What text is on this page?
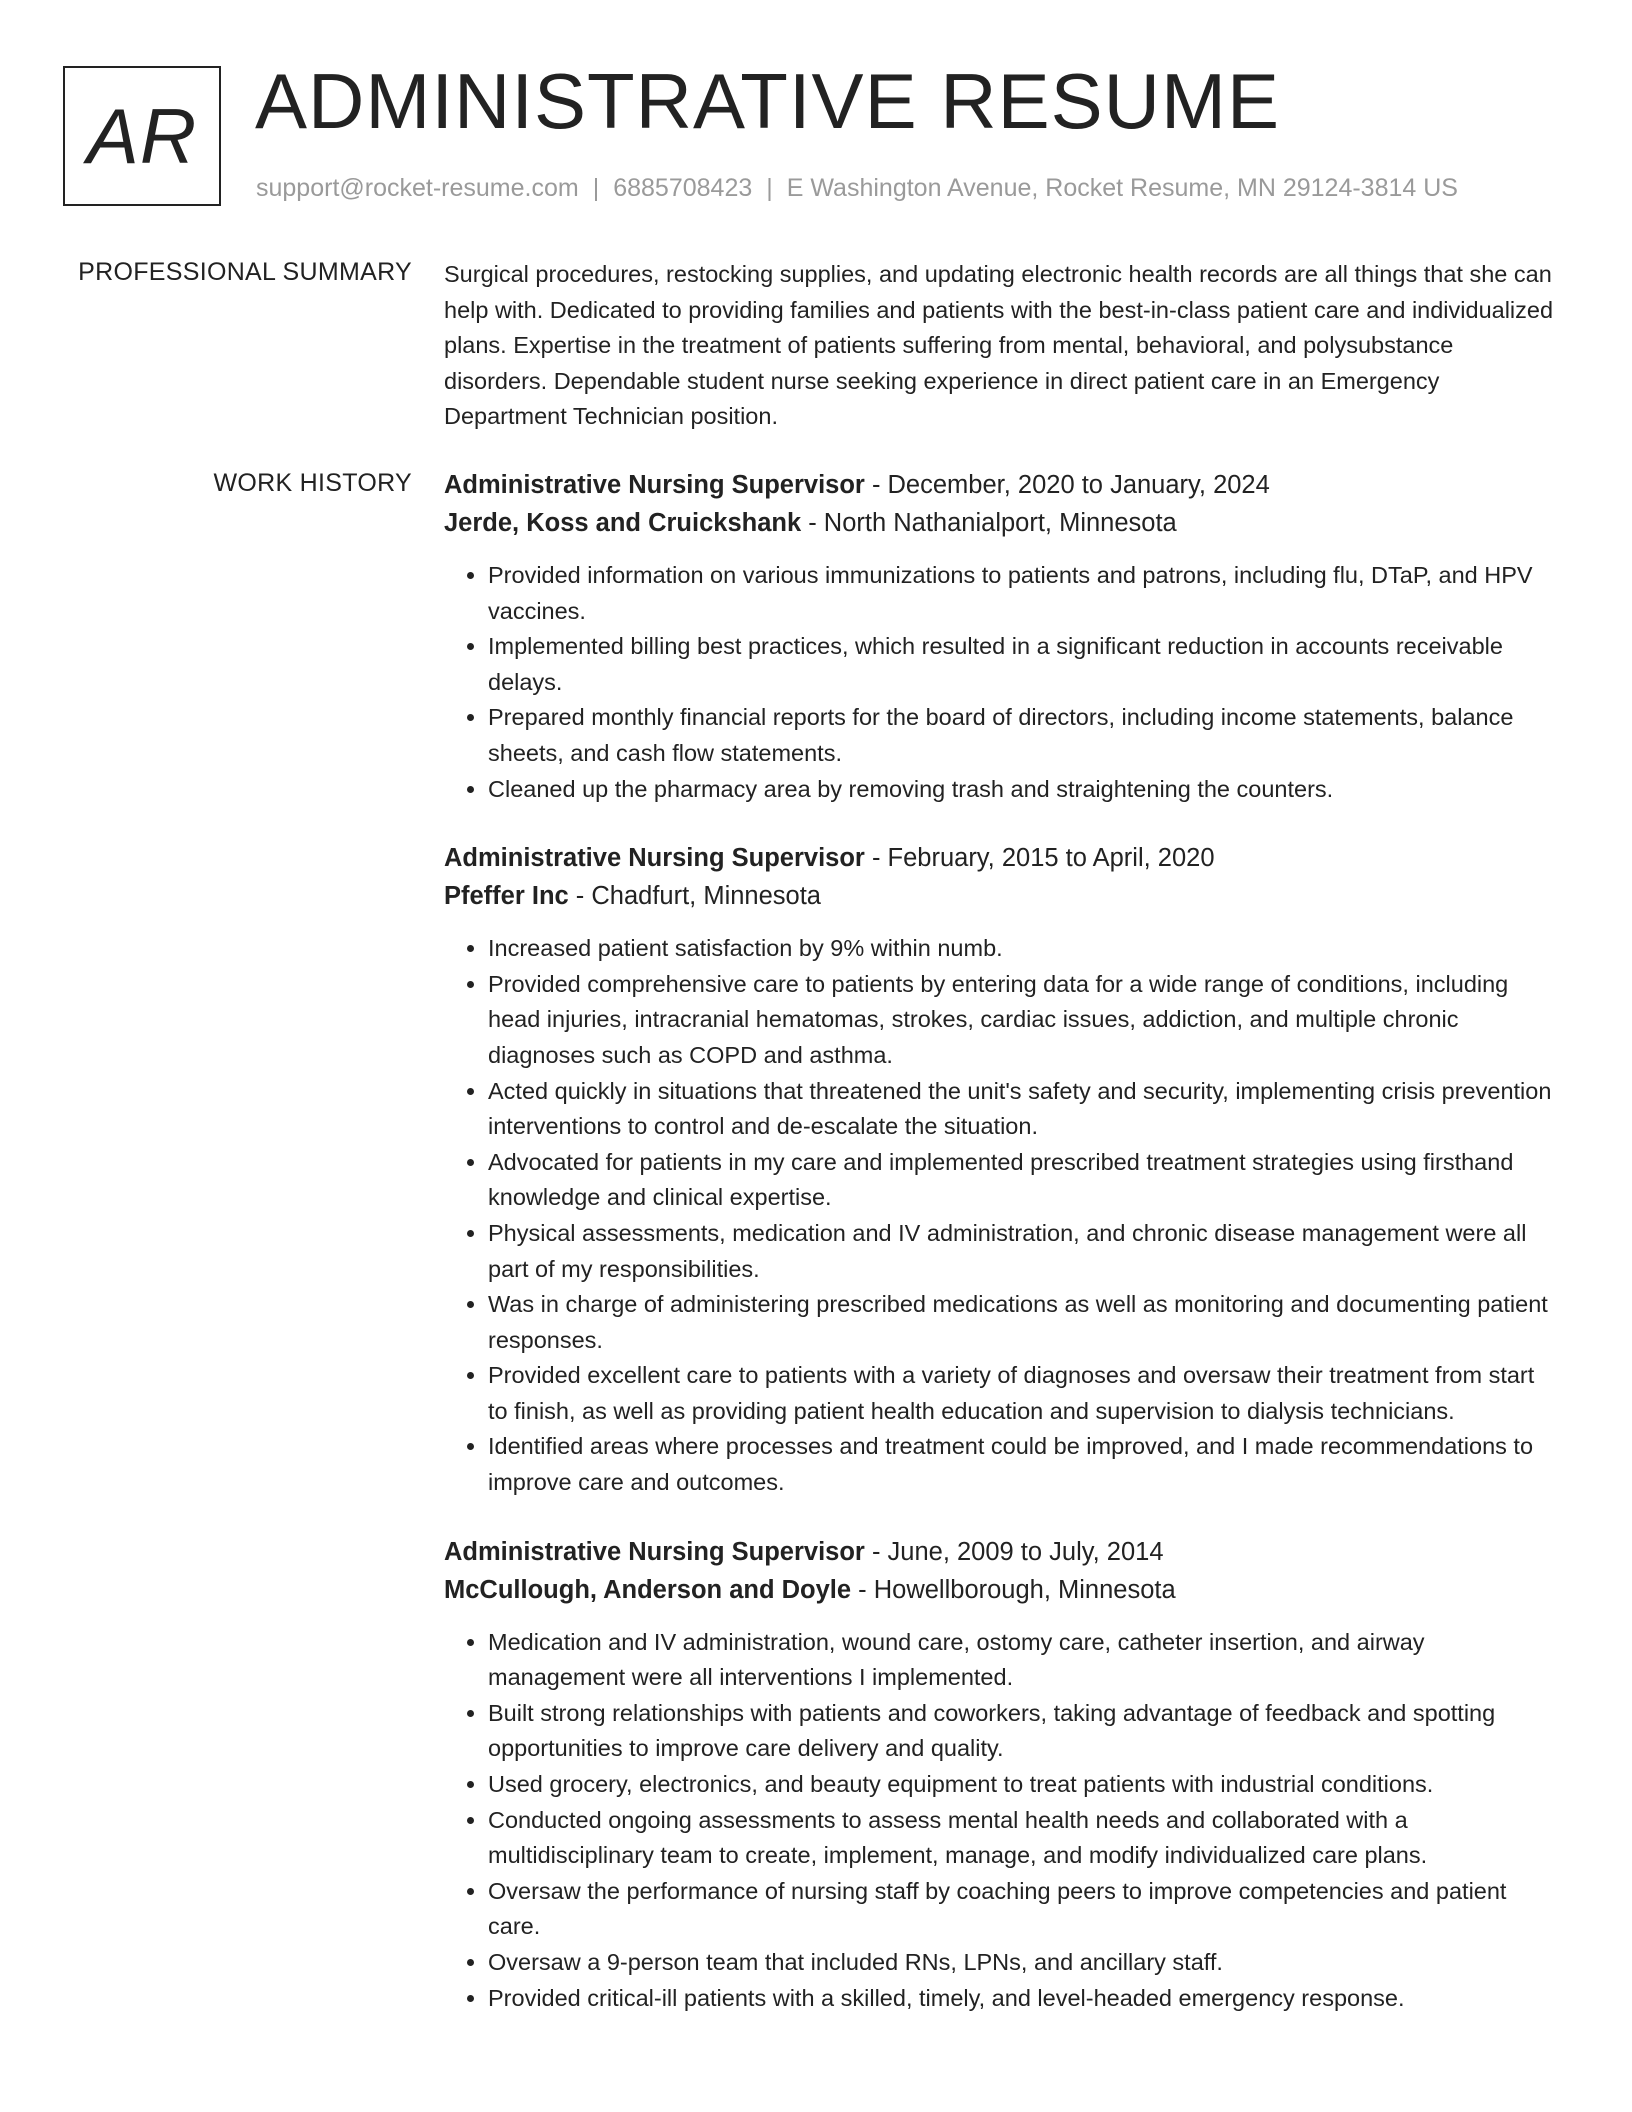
AR ADMINISTRATIVE RESUME
support@rocket-resume.com | 6885708423 | E Washington Avenue, Rocket Resume, MN 29124-3814 US
PROFESSIONAL SUMMARY Surgical procedures, restocking supplies, and updating electronic health records are all things that she can help with. Dedicated to providing families and patients with the best-in-class patient care and individualized plans. Expertise in the treatment of patients suffering from mental, behavioral, and polysubstance disorders. Dependable student nurse seeking experience in direct patient care in an Emergency Department Technician position.

WORK HISTORY Administrative Nursing Supervisor - December, 2020 to January, 2024
Jerde, Koss and Cruickshank - North Nathanialport, Minnesota
• Provided information on various immunizations to patients and patrons, including flu, DTaP, and HPV vaccines.
• Implemented billing best practices, which resulted in a significant reduction in accounts receivable delays.
• Prepared monthly financial reports for the board of directors, including income statements, balance sheets, and cash flow statements.
• Cleaned up the pharmacy area by removing trash and straightening the counters.
Administrative Nursing Supervisor - February, 2015 to April, 2020
Pfeffer Inc - Chadfurt, Minnesota
• Increased patient satisfaction by 9% within numb.
• Provided comprehensive care to patients by entering data for a wide range of conditions, including head injuries, intracranial hematomas, strokes, cardiac issues, addiction, and multiple chronic diagnoses such as COPD and asthma.
• Acted quickly in situations that threatened the unit's safety and security, implementing crisis prevention interventions to control and de-escalate the situation.
• Advocated for patients in my care and implemented prescribed treatment strategies using firsthand knowledge and clinical expertise.
• Physical assessments, medication and IV administration, and chronic disease management were all part of my responsibilities.
• Was in charge of administering prescribed medications as well as monitoring and documenting patient responses.
• Provided excellent care to patients with a variety of diagnoses and oversaw their treatment from start to finish, as well as providing patient health education and supervision to dialysis technicians.
• Identified areas where processes and treatment could be improved, and I made recommendations to improve care and outcomes.
Administrative Nursing Supervisor - June, 2009 to July, 2014
McCullough, Anderson and Doyle - Howellborough, Minnesota
• Medication and IV administration, wound care, ostomy care, catheter insertion, and airway management were all interventions I implemented.
• Built strong relationships with patients and coworkers, taking advantage of feedback and spotting opportunities to improve care delivery and quality.
• Used grocery, electronics, and beauty equipment to treat patients with industrial conditions.
• Conducted ongoing assessments to assess mental health needs and collaborated with a multidisciplinary team to create, implement, manage, and modify individualized care plans.
• Oversaw the performance of nursing staff by coaching peers to improve competencies and patient care.
• Oversaw a 9-person team that included RNs, LPNs, and ancillary staff.
• Provided critical-ill patients with a skilled, timely, and level-headed emergency response.
